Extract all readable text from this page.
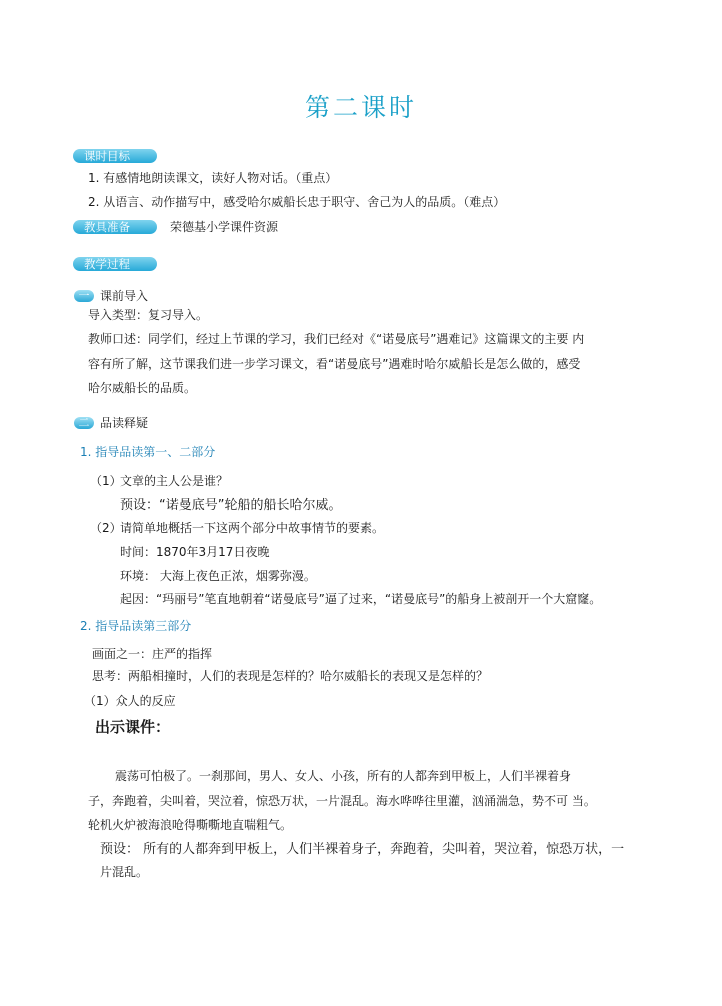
第二课时
课时目标
1. 有感情地朗读课文，读好人物对话。（重点）
2. 从语言、动作描写中，感受哈尔威船长忠于职守、舍己为人的品质。（难点）
教具准备	荣德基小学课件资源
教学过程
一 课前导入
导入类型：复习导入。
教师口述：同学们，经过上节课的学习，我们已经对《“诺曼底号”遇难记》这篇课文的主要 内
容有所了解，这节课我们进一步学习课文，看“诺曼底号”遇难时哈尔威船长是怎么做的，感受
哈尔威船长的品质。
二 品读释疑
1. 指导品读第一、二部分
（1）
文章的主人公是谁？
预设：“诺曼底号”轮船的船长哈尔威。
（2）
请简单地概括一下这两个部分中故事情节的要素。
时间：1870年3月17日夜晚
环境： 大海上夜色正浓，烟雾弥漫。
起因：“玛丽号”笔直地朝着“诺曼底号”逼了过来，“诺曼底号”的船身上被剖开一个大窟窿。
2. 指导品读第三部分
画面之一：庄严的指挥
思考：两船相撞时，人们的表现是怎样的？哈尔威船长的表现又是怎样的？
（1）众人的反应
出示课件：
震荡可怕极了。一刹那间，男人、女人、小孩，所有的人都奔到甲板上，人们半裸着身
子，奔跑着，尖叫着，哭泣着，惊恐万状，一片混乱。海水哗哗往里灌，汹涌湍急，势不可 当。
轮机火炉被海浪呛得嘶嘶地直喘粗气。
预设： 所有的人都奔到甲板上，人们半裸着身子，奔跑着，尖叫着，哭泣着，惊恐万状，一
片混乱。
